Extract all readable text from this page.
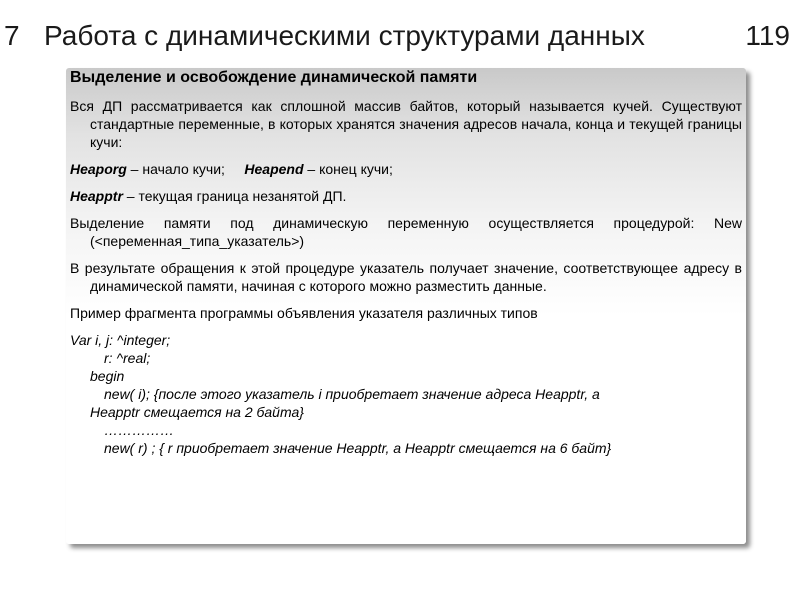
7 Работа с динамическими структурами данных	119
Выделение и освобождение динамической памяти

Вся ДП рассматривается как сплошной массив байтов, который называется кучей. Существуют стандартные переменные, в которых хранятся значения адресов начала, конца и текущей границы кучи:

Heaporg – начало кучи; Heapend – конец кучи;

Heapptr – текущая граница незанятой ДП.

Выделение памяти под динамическую переменную осуществляется процедурой: New (<переменная_типа_указатель>)

В результате обращения к этой процедуре указатель получает значение, соответствующее адресу в динамической памяти, начиная с которого можно разместить данные.

Пример фрагмента программы объявления указателя различных типов

Var i, j: ^integer;
r: ^real;
begin
new( i); {после этого указатель i приобретает значение адреса Heapptr, а
Heapptr смещается на 2 байта}
……………
new( r) ; { r приобретает значение Heapptr, а Heapptr смещается на 6 байт}
